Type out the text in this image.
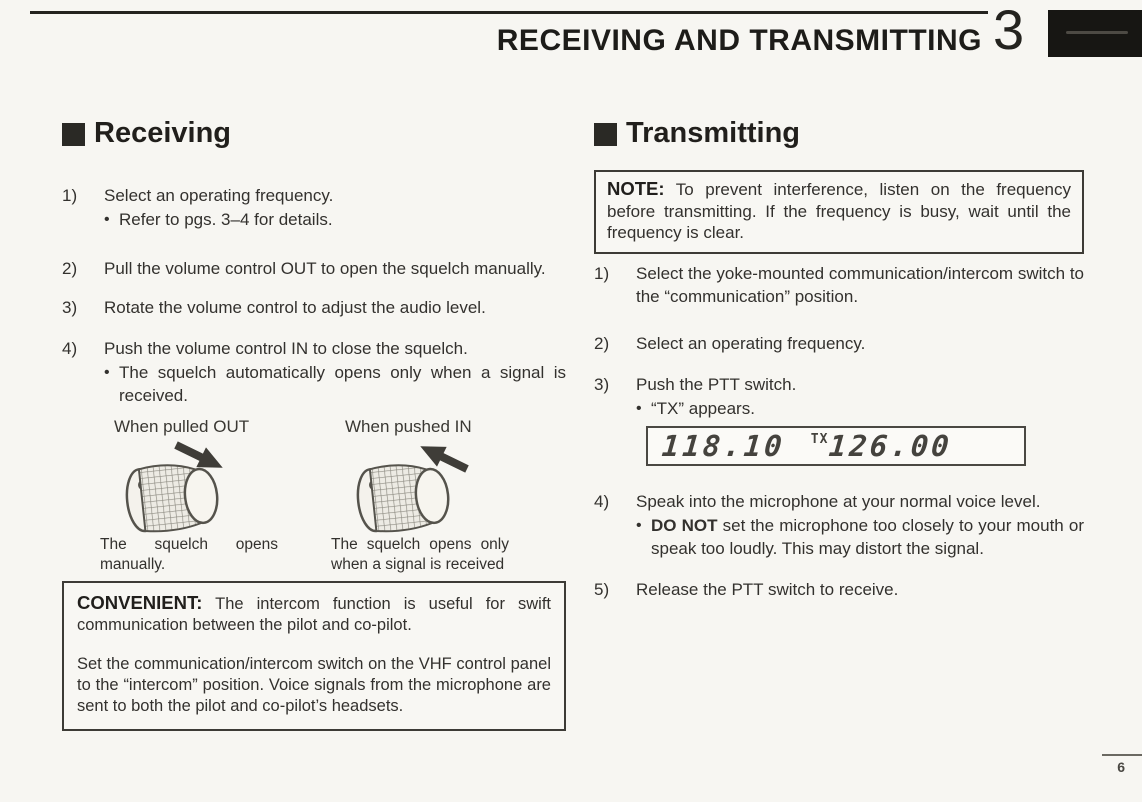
RECEIVING AND TRANSMITTING 3
Receiving
1)	Select an operating frequency.
• Refer to pgs. 3–4 for details.
2)	Pull the volume control OUT to open the squelch manually.
3)	Rotate the volume control to adjust the audio level.
4)	Push the volume control IN to close the squelch.
• The squelch automatically opens only when a signal is received.
When pulled OUT
The squelch opens manually.
When pushed IN
The squelch opens only when a signal is received
CONVENIENT: The intercom function is useful for swift communication between the pilot and co-pilot.
Set the communication/intercom switch on the VHF control panel to the “intercom” position. Voice signals from the microphone are sent to both the pilot and co-pilot’s headsets.
Transmitting
NOTE: To prevent interference, listen on the frequency before transmitting. If the frequency is busy, wait until the frequency is clear.
1)	Select the yoke-mounted communication/intercom switch to the “communication” position.
2)	Select an operating frequency.
3)	Push the PTT switch.
• “TX” appears.
118.10 TX 126.00
4)	Speak into the microphone at your normal voice level.
• DO NOT set the microphone too closely to your mouth or speak too loudly. This may distort the signal.
5)	Release the PTT switch to receive.
6
